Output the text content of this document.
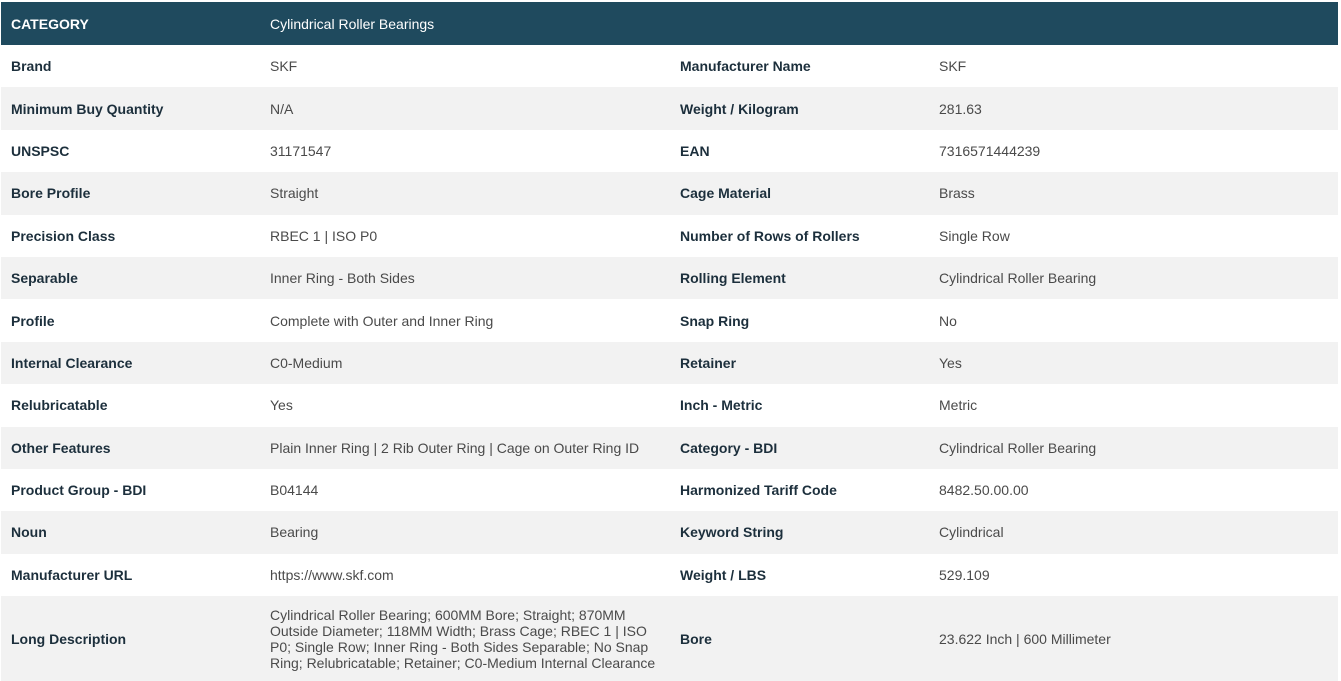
CATEGORY	Cylindrical Roller Bearings		
Brand	SKF	Manufacturer Name	SKF
Minimum Buy Quantity	N/A	Weight / Kilogram	281.63
UNSPSC	31171547	EAN	7316571444239
Bore Profile	Straight	Cage Material	Brass
Precision Class	RBEC 1 | ISO P0	Number of Rows of Rollers	Single Row
Separable	Inner Ring - Both Sides	Rolling Element	Cylindrical Roller Bearing
Profile	Complete with Outer and Inner Ring	Snap Ring	No
Internal Clearance	C0-Medium	Retainer	Yes
Relubricatable	Yes	Inch - Metric	Metric
Other Features	Plain Inner Ring | 2 Rib Outer Ring | Cage on Outer Ring ID	Category - BDI	Cylindrical Roller Bearing
Product Group - BDI	B04144	Harmonized Tariff Code	8482.50.00.00
Noun	Bearing	Keyword String	Cylindrical
Manufacturer URL	https://www.skf.com	Weight / LBS	529.109
Long Description	Cylindrical Roller Bearing; 600MM Bore; Straight; 870MM Outside Diameter; 118MM Width; Brass Cage; RBEC 1 | ISO P0; Single Row; Inner Ring - Both Sides Separable; No Snap Ring; Relubricatable; Retainer; C0-Medium Internal Clearance	Bore	23.622 Inch | 600 Millimeter
